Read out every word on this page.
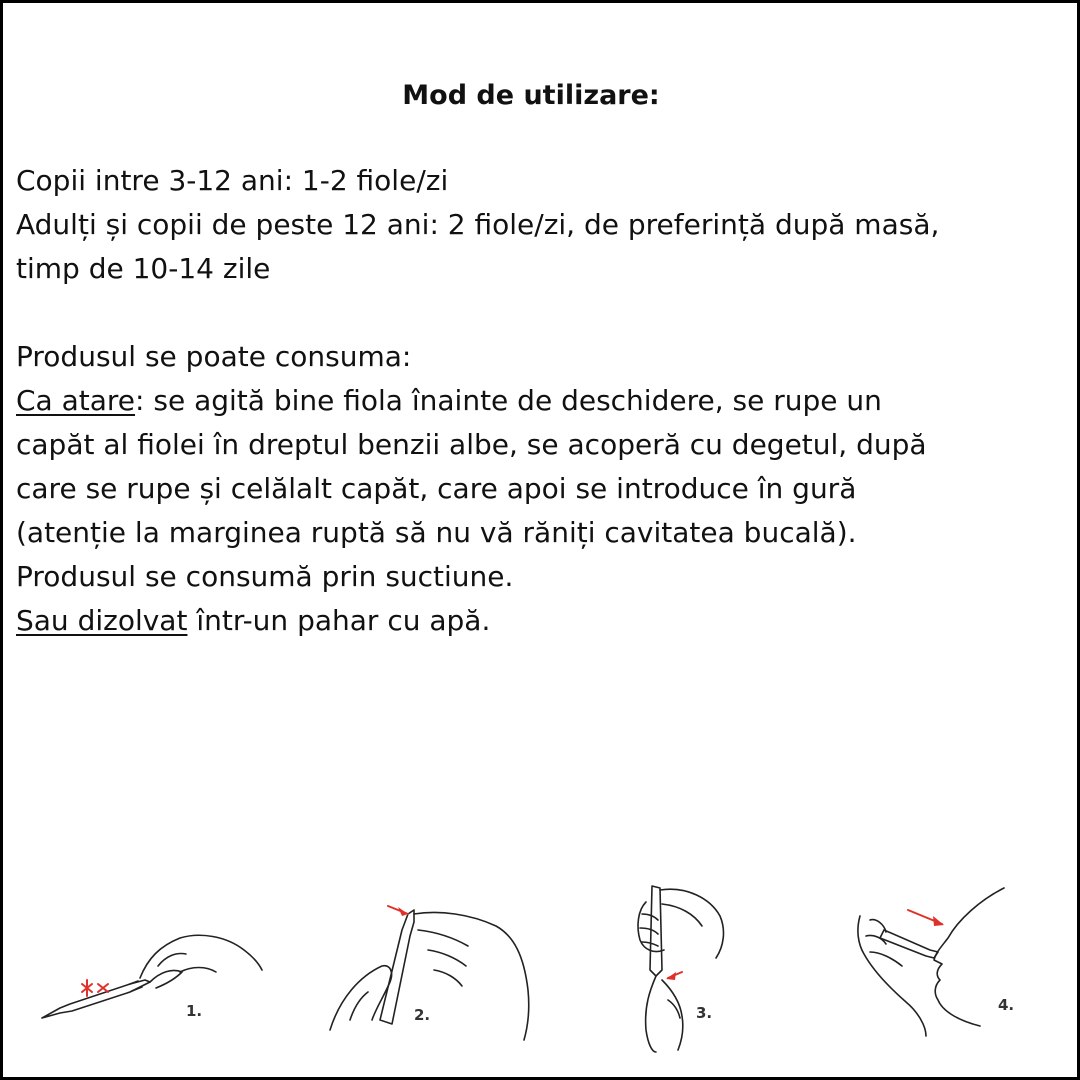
Mod de utilizare:

Copii intre 3-12 ani: 1-2 fiole/zi

Adulți și copii de peste 12 ani: 2 fiole/zi, de preferință după masă,

timp de 10-14 zile

Produsul se poate consuma:

Ca atare: se agită bine fiola înainte de deschidere, se rupe un

capăt al fiolei în dreptul benzii albe, se acoperă cu degetul, după

care se rupe și celălalt capăt, care apoi se introduce în gură

(atenție la marginea ruptă să nu vă răniți cavitatea bucală).

Produsul se consumă prin suctiune.

Sau dizolvat într-un pahar cu apă.

1.	2.	3.	4.
